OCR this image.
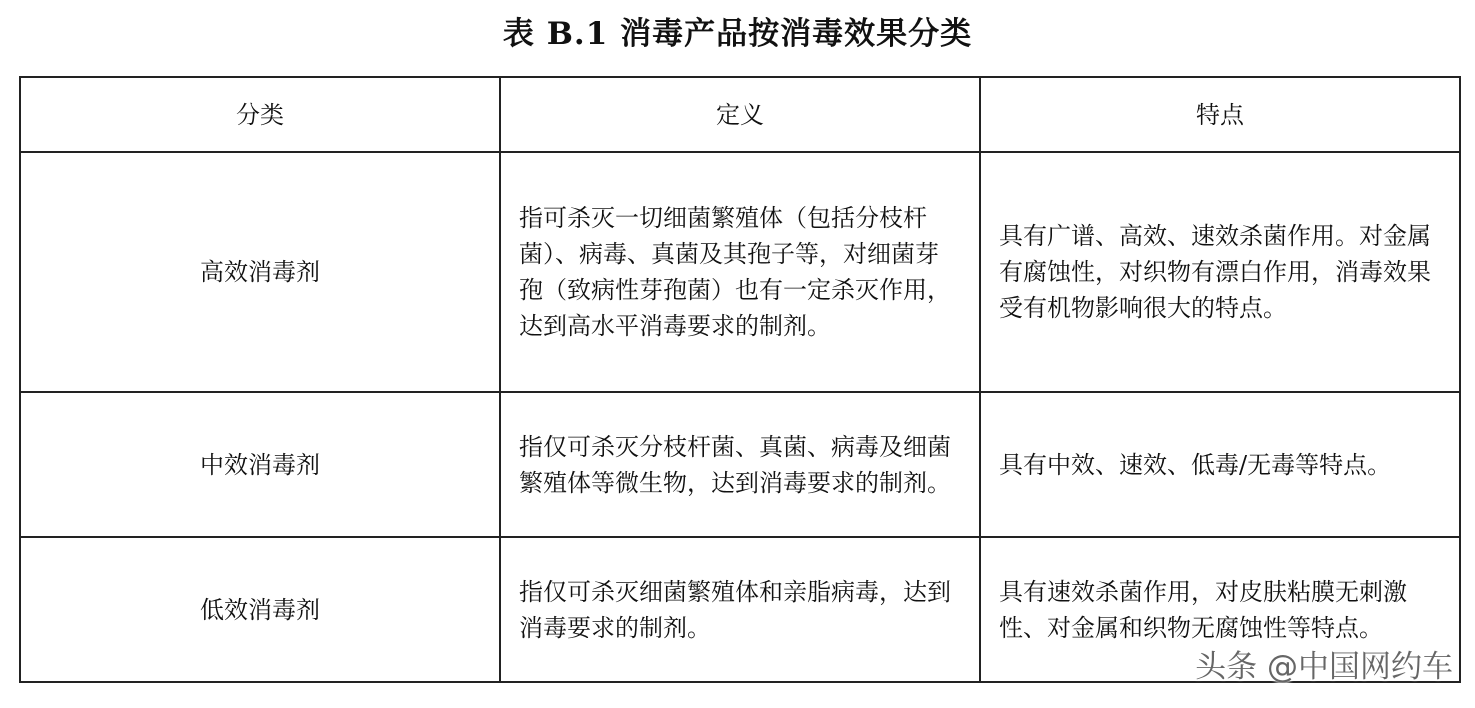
表 B.1 消毒产品按消毒效果分类
分类	定义	特点
高效消毒剂	指可杀灭一切细菌繁殖体（包括分枝杆菌）、病毒、真菌及其孢子等，对细菌芽孢（致病性芽孢菌）也有一定杀灭作用，达到高水平消毒要求的制剂。	具有广谱、高效、速效杀菌作用。对金属有腐蚀性，对织物有漂白作用，消毒效果受有机物影响很大的特点。
中效消毒剂	指仅可杀灭分枝杆菌、真菌、病毒及细菌繁殖体等微生物，达到消毒要求的制剂。	具有中效、速效、低毒/无毒等特点。
低效消毒剂	指仅可杀灭细菌繁殖体和亲脂病毒，达到消毒要求的制剂。	具有速效杀菌作用，对皮肤粘膜无刺激性、对金属和织物无腐蚀性等特点。
头条 @中国网约车
